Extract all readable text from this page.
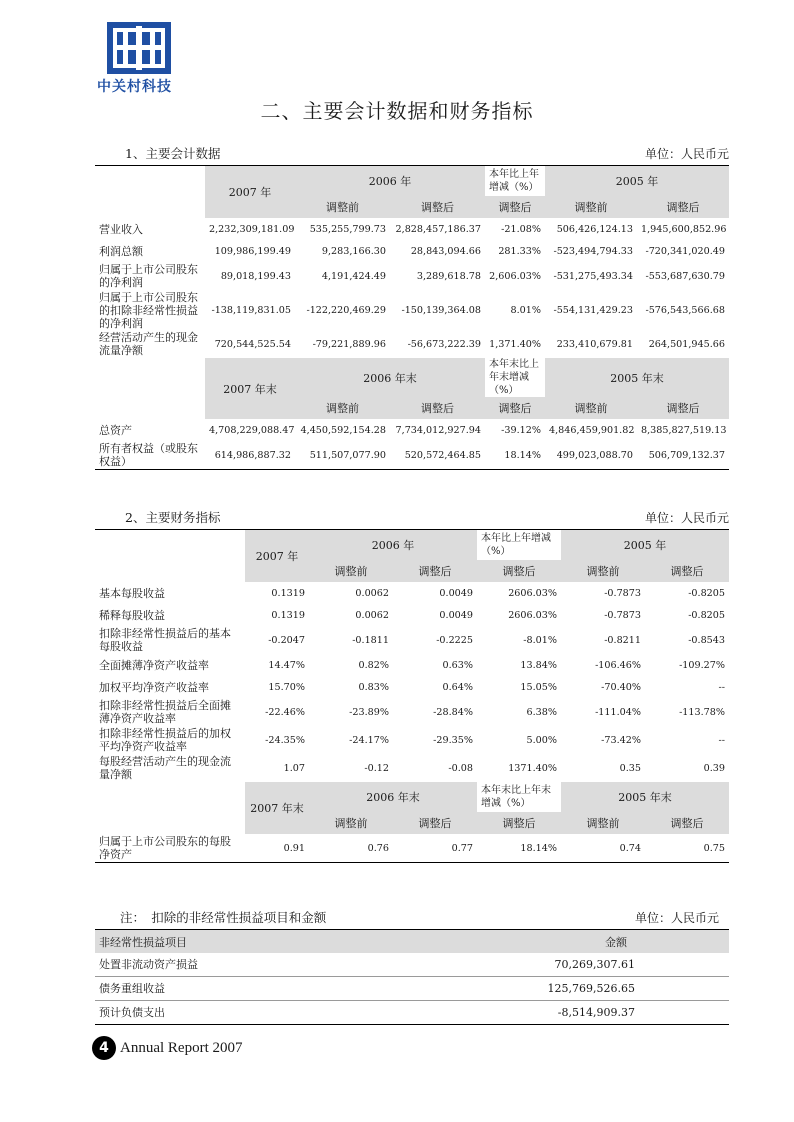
中关村科技
二、主要会计数据和财务指标
1、主要会计数据	单位：人民币元
	2007 年	2006 年		本年比上年增减（%）	2005 年	
		调整前	调整后	调整后	调整前	调整后
营业收入	2,232,309,181.09	535,255,799.73	2,828,457,186.37	-21.08%	506,426,124.13	1,945,600,852.96
利润总额	109,986,199.49	9,283,166.30	28,843,094.66	281.33%	-523,494,794.33	-720,341,020.49
归属于上市公司股东的净利润	89,018,199.43	4,191,424.49	3,289,618.78	2,606.03%	-531,275,493.34	-553,687,630.79
归属于上市公司股东的扣除非经常性损益的净利润	-138,119,831.05	-122,220,469.29	-150,139,364.08	8.01%	-554,131,429.23	-576,543,566.68
经营活动产生的现金流量净额	720,544,525.54	-79,221,889.96	-56,673,222.39	1,371.40%	233,410,679.81	264,501,945.66
	2007 年末	2006 年末		本年末比上年末增减（%）	2005 年末	
		调整前	调整后	调整后	调整前	调整后
总资产	4,708,229,088.47	4,450,592,154.28	7,734,012,927.94	-39.12%	4,846,459,901.82	8,385,827,519.13
所有者权益（或股东权益）	614,986,887.32	511,507,077.90	520,572,464.85	18.14%	499,023,088.70	506,709,132.37
2、主要财务指标	单位：人民币元
	2007 年	2006 年		本年比上年增减（%）	2005 年	
		调整前	调整后	调整后	调整前	调整后
基本每股收益	0.1319	0.0062	0.0049	2606.03%	-0.7873	-0.8205
稀释每股收益	0.1319	0.0062	0.0049	2606.03%	-0.7873	-0.8205
扣除非经常性损益后的基本每股收益	-0.2047	-0.1811	-0.2225	-8.01%	-0.8211	-0.8543
全面摊薄净资产收益率	14.47%	0.82%	0.63%	13.84%	-106.46%	-109.27%
加权平均净资产收益率	15.70%	0.83%	0.64%	15.05%	-70.40%	--
扣除非经常性损益后全面摊薄净资产收益率	-22.46%	-23.89%	-28.84%	6.38%	-111.04%	-113.78%
扣除非经常性损益后的加权平均净资产收益率	-24.35%	-24.17%	-29.35%	5.00%	-73.42%	--
每股经营活动产生的现金流量净额	1.07	-0.12	-0.08	1371.40%	0.35	0.39
	2007 年末	2006 年末		本年末比上年末增减（%）	2005 年末	
		调整前	调整后	调整后	调整前	调整后
归属于上市公司股东的每股净资产	0.91	0.76	0.77	18.14%	0.74	0.75
注：　扣除的非经常性损益项目和金额	单位：人民币元
非经常性损益项目	金额	
处置非流动资产损益	70,269,307.61	
债务重组收益	125,769,526.65	
预计负债支出	-8,514,909.37	
4 Annual Report 2007
